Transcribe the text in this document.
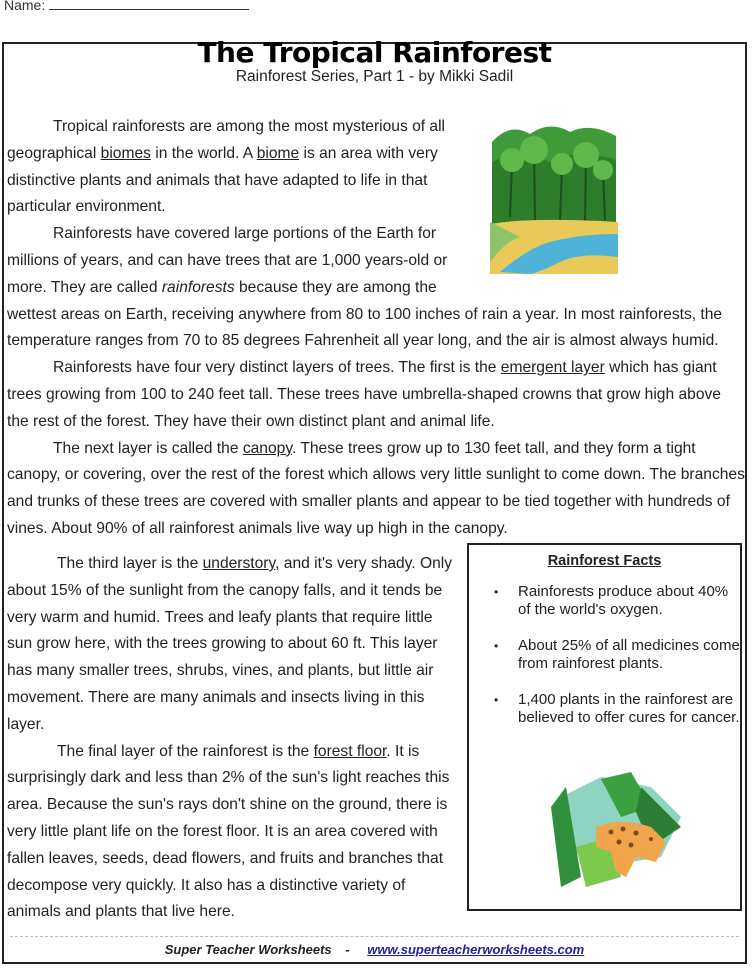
Name:
The Tropical Rainforest
Rainforest Series, Part 1 - by Mikki Sadil

Tropical rainforests are among the most mysterious of all geographical biomes in the world. A biome is an area with very distinctive plants and animals that have adapted to life in that particular environment.

Rainforests have covered large portions of the Earth for millions of years, and can have trees that are 1,000 years-old or more. They are called rainforests because they are among the wettest areas on Earth, receiving anywhere from 80 to 100 inches of rain a year. In most rainforests, the temperature ranges from 70 to 85 degrees Fahrenheit all year long, and the air is almost always humid.

Rainforests have four very distinct layers of trees. The first is the emergent layer which has giant trees growing from 100 to 240 feet tall. These trees have umbrella-shaped crowns that grow high above the rest of the forest. They have their own distinct plant and animal life.

The next layer is called the canopy. These trees grow up to 130 feet tall, and they form a tight canopy, or covering, over the rest of the forest which allows very little sunlight to come down. The branches and trunks of these trees are covered with smaller plants and appear to be tied together with hundreds of vines. About 90% of all rainforest animals live way up high in the canopy.

The third layer is the understory, and it's very shady. Only about 15% of the sunlight from the canopy falls, and it tends be very warm and humid. Trees and leafy plants that require little sun grow here, with the trees growing to about 60 ft. This layer has many smaller trees, shrubs, vines, and plants, but little air movement. There are many animals and insects living in this layer.

The final layer of the rainforest is the forest floor. It is surprisingly dark and less than 2% of the sun's light reaches this area. Because the sun's rays don't shine on the ground, there is very little plant life on the forest floor. It is an area covered with fallen leaves, seeds, dead flowers, and fruits and branches that decompose very quickly. It also has a distinctive variety of animals and plants that live here.

Rainforest Facts
• Rainforests produce about 40% of the world's oxygen.
• About 25% of all medicines come from rainforest plants.
• 1,400 plants in the rainforest are believed to offer cures for cancer.
Super Teacher Worksheets - www.superteacherworksheets.com
